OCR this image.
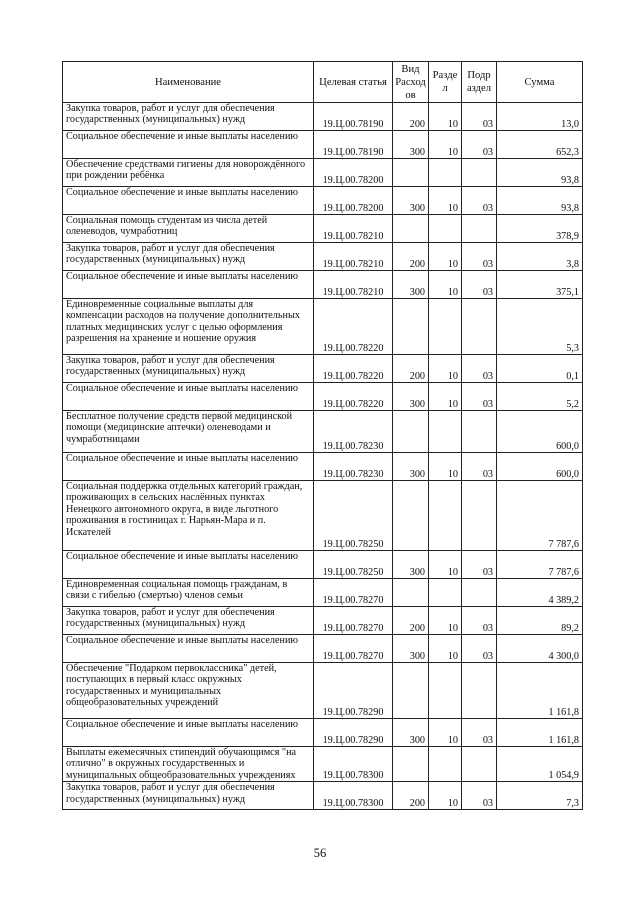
Наименование	Целевая статья	Вид Расход ов	Разде л	Подр аздел	Сумма
Закупка товаров, работ и услуг для обеспечения государственных (муниципальных) нужд	19.Ц.00.78190	200	10	03	13,0
Социальное обеспечение и иные выплаты населению	19.Ц.00.78190	300	10	03	652,3
Обеспечение средствами гигиены для новорождённого при рождении ребёнка	19.Ц.00.78200				93,8
Социальное обеспечение и иные выплаты населению	19.Ц.00.78200	300	10	03	93,8
Социальная помощь студентам из числа детей оленеводов, чумработниц	19.Ц.00.78210				378,9
Закупка товаров, работ и услуг для обеспечения государственных (муниципальных) нужд	19.Ц.00.78210	200	10	03	3,8
Социальное обеспечение и иные выплаты населению	19.Ц.00.78210	300	10	03	375,1
Единовременные социальные выплаты для компенсации расходов на получение дополнительных платных медицинских услуг с целью оформления разрешения на хранение и ношение оружия	19.Ц.00.78220				5,3
Закупка товаров, работ и услуг для обеспечения государственных (муниципальных) нужд	19.Ц.00.78220	200	10	03	0,1
Социальное обеспечение и иные выплаты населению	19.Ц.00.78220	300	10	03	5,2
Бесплатное получение средств первой медицинской помощи (медицинские аптечки) оленеводами и чумработницами	19.Ц.00.78230				600,0
Социальное обеспечение и иные выплаты населению	19.Ц.00.78230	300	10	03	600,0
Социальная поддержка отдельных категорий граждан, проживающих в сельских наслённых пунктах Ненецкого автономного округа, в виде льготного проживания в гостиницах г. Нарьян-Мара и п. Искателей	19.Ц.00.78250				7 787,6
Социальное обеспечение и иные выплаты населению	19.Ц.00.78250	300	10	03	7 787,6
Единовременная социальная помощь гражданам, в связи с гибелью (смертью) членов семьи	19.Ц.00.78270				4 389,2
Закупка товаров, работ и услуг для обеспечения государственных (муниципальных) нужд	19.Ц.00.78270	200	10	03	89,2
Социальное обеспечение и иные выплаты населению	19.Ц.00.78270	300	10	03	4 300,0
Обеспечение "Подарком первоклассника" детей, поступающих в первый класс окружных государственных и муниципальных общеобразовательных учреждений	19.Ц.00.78290				1 161,8
Социальное обеспечение и иные выплаты населению	19.Ц.00.78290	300	10	03	1 161,8
Выплаты ежемесячных стипендий обучающимся "на отлично" в окружных государственных и муниципальных общеобразовательных учреждениях	19.Ц.00.78300				1 054,9
Закупка товаров, работ и услуг для обеспечения государственных (муниципальных) нужд	19.Ц.00.78300	200	10	03	7,3
56
